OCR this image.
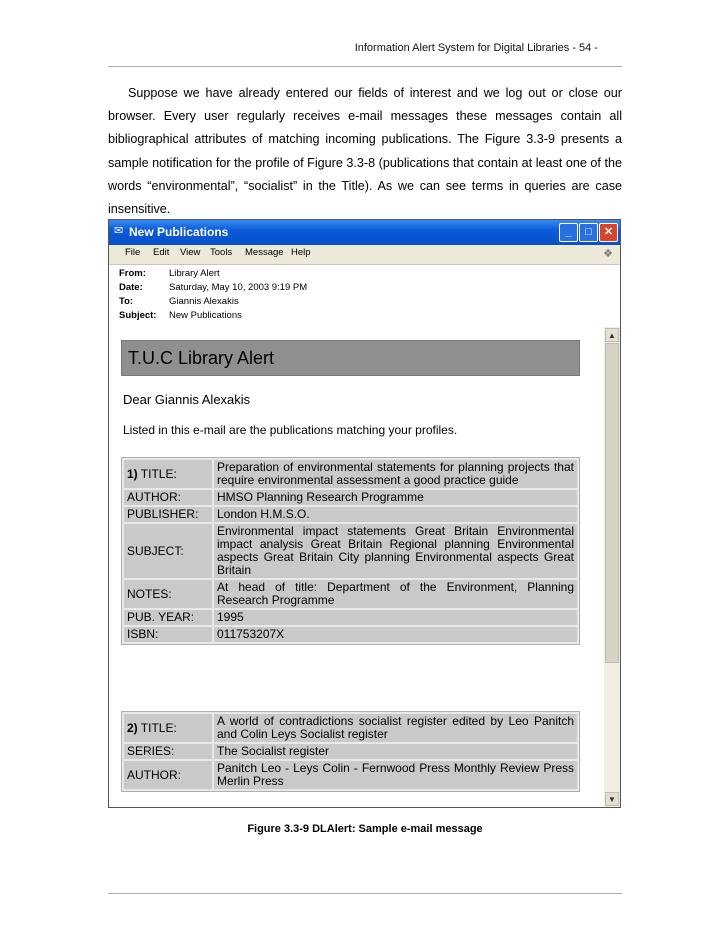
Information Alert System for Digital Libraries - 54 -
Suppose we have already entered our fields of interest and we log out or close our browser. Every user regularly receives e-mail messages these messages contain all bibliographical attributes of matching incoming publications. The Figure 3.3-9 presents a sample notification for the profile of Figure 3.3-8 (publications that contain at least one of the words “environmental”, “socialist” in the Title). As we can see terms in queries are case insensitive.
✉ New Publications	_	□	✕
File Edit View Tools Message Help	❖
From:	Library Alert
Date:	Saturday, May 10, 2003 9:19 PM
To:	Giannis Alexakis
Subject:	New Publications
T.U.C Library Alert
Dear Giannis Alexakis
Listed in this e-mail are the publications matching your profiles.
1) TITLE:	Preparation of environmental statements for planning projects that require environmental assessment a good practice guide
AUTHOR:	HMSO Planning Research Programme
PUBLISHER:	London H.M.S.O.
SUBJECT:	Environmental impact statements Great Britain Environmental impact analysis Great Britain Regional planning Environmental aspects Great Britain City planning Environmental aspects Great Britain
NOTES:	At head of title: Department of the Environment, Planning Research Programme
PUB. YEAR:	1995
ISBN:	011753207X
2) TITLE:	A world of contradictions socialist register edited by Leo Panitch and Colin Leys Socialist register
SERIES:	The Socialist register
AUTHOR:	Panitch Leo - Leys Colin - Fernwood Press Monthly Review Press Merlin Press
▲
▼
Figure 3.3-9 DLAlert: Sample e-mail message
